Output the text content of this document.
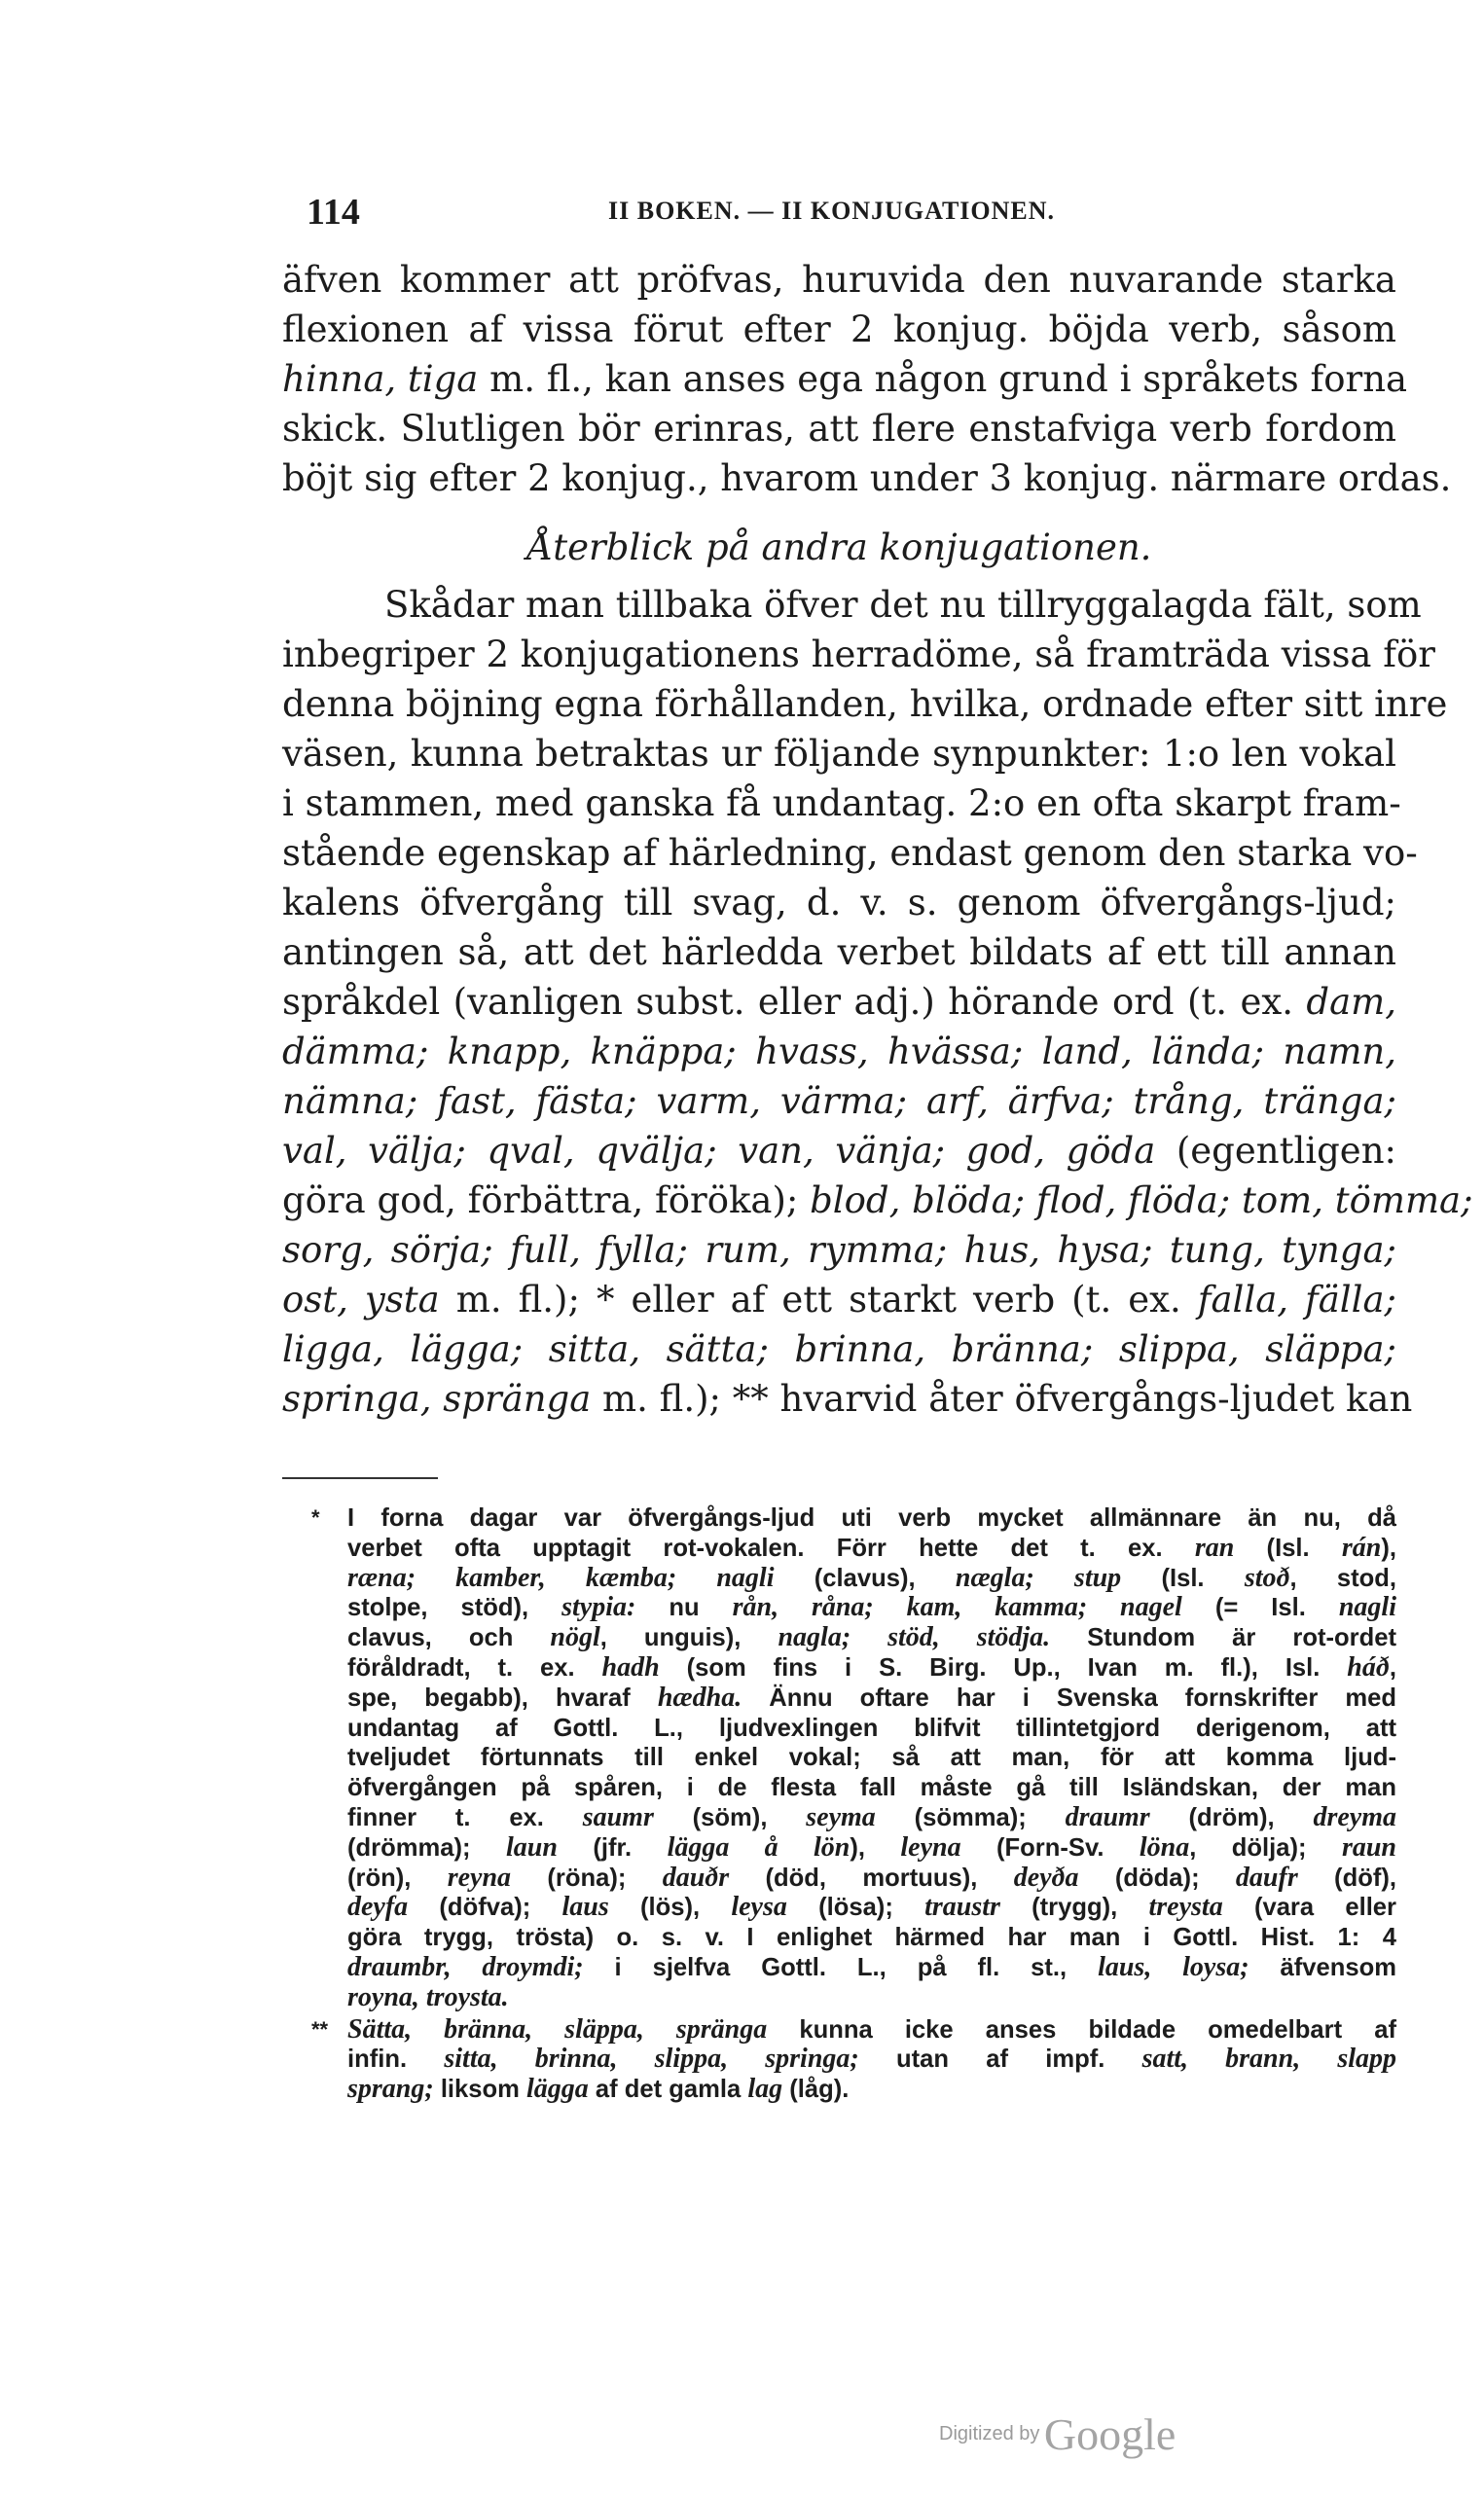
114	II BOKEN. — II KONJUGATIONEN.
äfven kommer att pröfvas, huruvida den nuvarande starka
flexionen af vissa förut efter 2 konjug. böjda verb, såsom
hinna, tiga m. fl., kan anses ega någon grund i språkets forna
skick. Slutligen bör erinras, att flere enstafviga verb fordom
böjt sig efter 2 konjug., hvarom under 3 konjug. närmare ordas.
Återblick på andra konjugationen.
Skådar man tillbaka öfver det nu tillryggalagda fält, som
inbegriper 2 konjugationens herradöme, så framträda vissa för
denna böjning egna förhållanden, hvilka, ordnade efter sitt inre
väsen, kunna betraktas ur följande synpunkter: 1:o len vokal
i stammen, med ganska få undantag. 2:o en ofta skarpt fram-
stående egenskap af härledning, endast genom den starka vo-
kalens öfvergång till svag, d. v. s. genom öfvergångs-ljud;
antingen så, att det härledda verbet bildats af ett till annan
språkdel (vanligen subst. eller adj.) hörande ord (t. ex. dam,
dämma; knapp, knäppa; hvass, hvässa; land, lända; namn,
nämna; fast, fästa; varm, värma; arf, ärfva; trång, tränga;
val, välja; qval, qvälja; van, vänja; god, göda (egentligen:
göra god, förbättra, föröka); blod, blöda; flod, flöda; tom, tömma;
sorg, sörja; full, fylla; rum, rymma; hus, hysa; tung, tynga;
ost, ysta m. fl.); * eller af ett starkt verb (t. ex. falla, fälla;
ligga, lägga; sitta, sätta; brinna, bränna; slippa, släppa;
springa, spränga m. fl.); ** hvarvid åter öfvergångs-ljudet kan
* I forna dagar var öfvergångs-ljud uti verb mycket allmännare än nu, då
verbet ofta upptagit rot-vokalen. Förr hette det t. ex. ran (Isl. rán),
ræna; kamber, kæmba; nagli (clavus), nægla; stup (Isl. stoð, stod,
stolpe, stöd), stypia: nu rån, råna; kam, kamma; nagel (= Isl. nagli
clavus, och nögl, unguis), nagla; stöd, stödja. Stundom är rot-ordet
föråldradt, t. ex. hadh (som fins i S. Birg. Up., Ivan m. fl.), Isl. háð,
spe, begabb), hvaraf hædha. Ännu oftare har i Svenska fornskrifter med
undantag af Gottl. L., ljudvexlingen blifvit tillintetgjord derigenom, att
tveljudet förtunnats till enkel vokal; så att man, för att komma ljud-
öfvergången på spåren, i de flesta fall måste gå till Isländskan, der man
finner t. ex. saumr (söm), seyma (sömma); draumr (dröm), dreyma
(drömma); laun (jfr. lägga å lön), leyna (Forn-Sv. löna, dölja); raun
(rön), reyna (röna); dauðr (död, mortuus), deyða (döda); daufr (döf),
deyfa (döfva); laus (lös), leysa (lösa); traustr (trygg), treysta (vara eller
göra trygg, trösta) o. s. v. I enlighet härmed har man i Gottl. Hist. 1: 4
draumbr, droymdi; i sjelfva Gottl. L., på fl. st., laus, loysa; äfvensom
royna, troysta.
** Sätta, bränna, släppa, spränga kunna icke anses bildade omedelbart af
infin. sitta, brinna, slippa, springa; utan af impf. satt, brann, slapp
sprang; liksom lägga af det gamla lag (låg).
Digitized by Google
